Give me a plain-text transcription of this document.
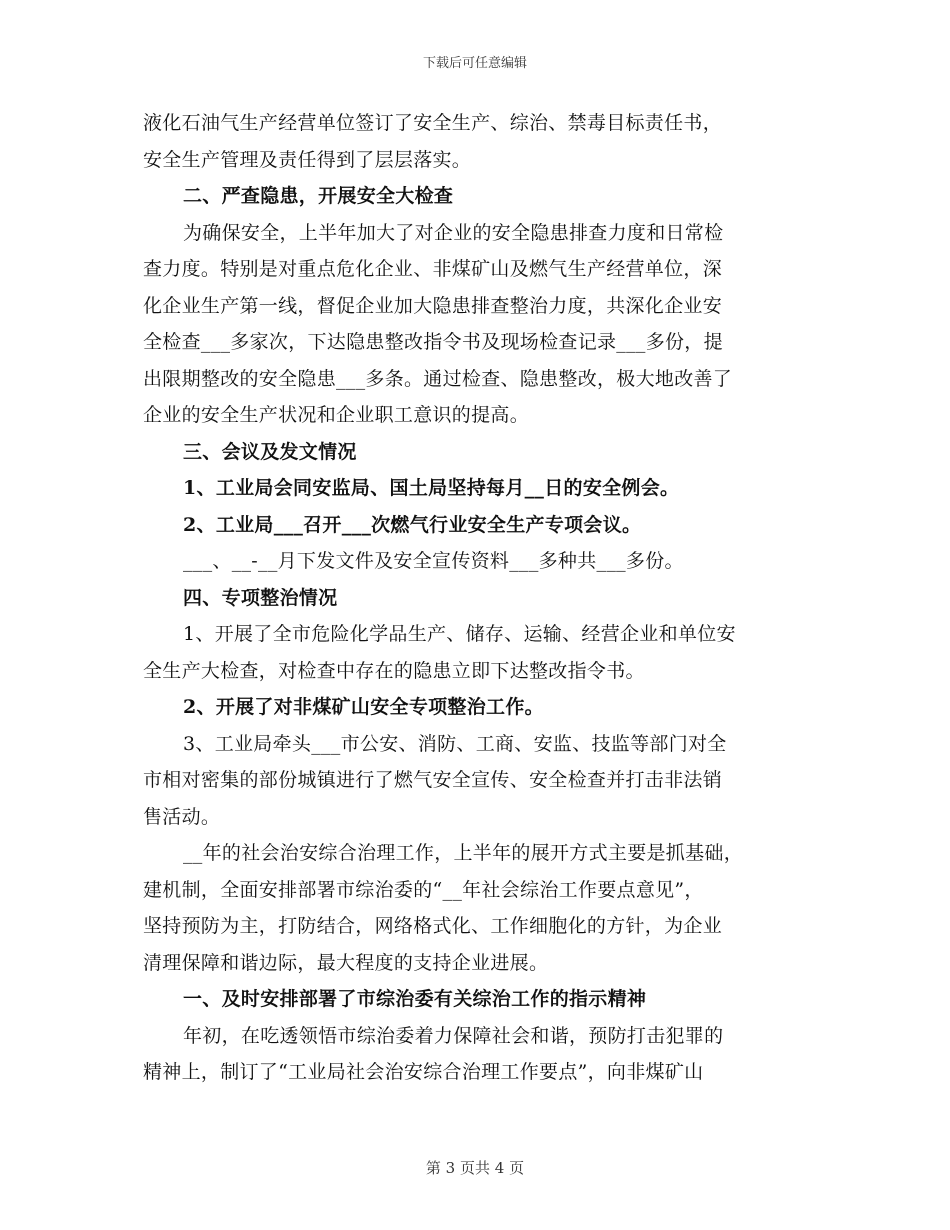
下载后可任意编辑
液化石油气生产经营单位签订了安全生产、综治、禁毒目标责任书，
安全生产管理及责任得到了层层落实。
二、严查隐患，开展安全大检查
为确保安全，上半年加大了对企业的安全隐患排查力度和日常检
查力度。特别是对重点危化企业、非煤矿山及燃气生产经营单位，深
化企业生产第一线，督促企业加大隐患排查整治力度，共深化企业安
全检查___多家次，下达隐患整改指令书及现场检查记录___多份，提
出限期整改的安全隐患___多条。通过检查、隐患整改，极大地改善了
企业的安全生产状况和企业职工意识的提高。
三、会议及发文情况
1、工业局会同安监局、国土局坚持每月__日的安全例会。
2、工业局___召开___次燃气行业安全生产专项会议。
___、__-__月下发文件及安全宣传资料___多种共___多份。
四、专项整治情况
1、开展了全市危险化学品生产、储存、运输、经营企业和单位安
全生产大检查，对检查中存在的隐患立即下达整改指令书。
2、开展了对非煤矿山安全专项整治工作。
3、工业局牵头___市公安、消防、工商、安监、技监等部门对全
市相对密集的部份城镇进行了燃气安全宣传、安全检查并打击非法销
售活动。
__年的社会治安综合治理工作，上半年的展开方式主要是抓基础，
建机制，全面安排部署市综治委的“__年社会综治工作要点意见”，
坚持预防为主，打防结合，网络格式化、工作细胞化的方针，为企业
清理保障和谐边际，最大程度的支持企业进展。
一、及时安排部署了市综治委有关综治工作的指示精神
年初，在吃透领悟市综治委着力保障社会和谐，预防打击犯罪的
精神上，制订了“工业局社会治安综合治理工作要点”，向非煤矿山
第 3 页共 4 页
